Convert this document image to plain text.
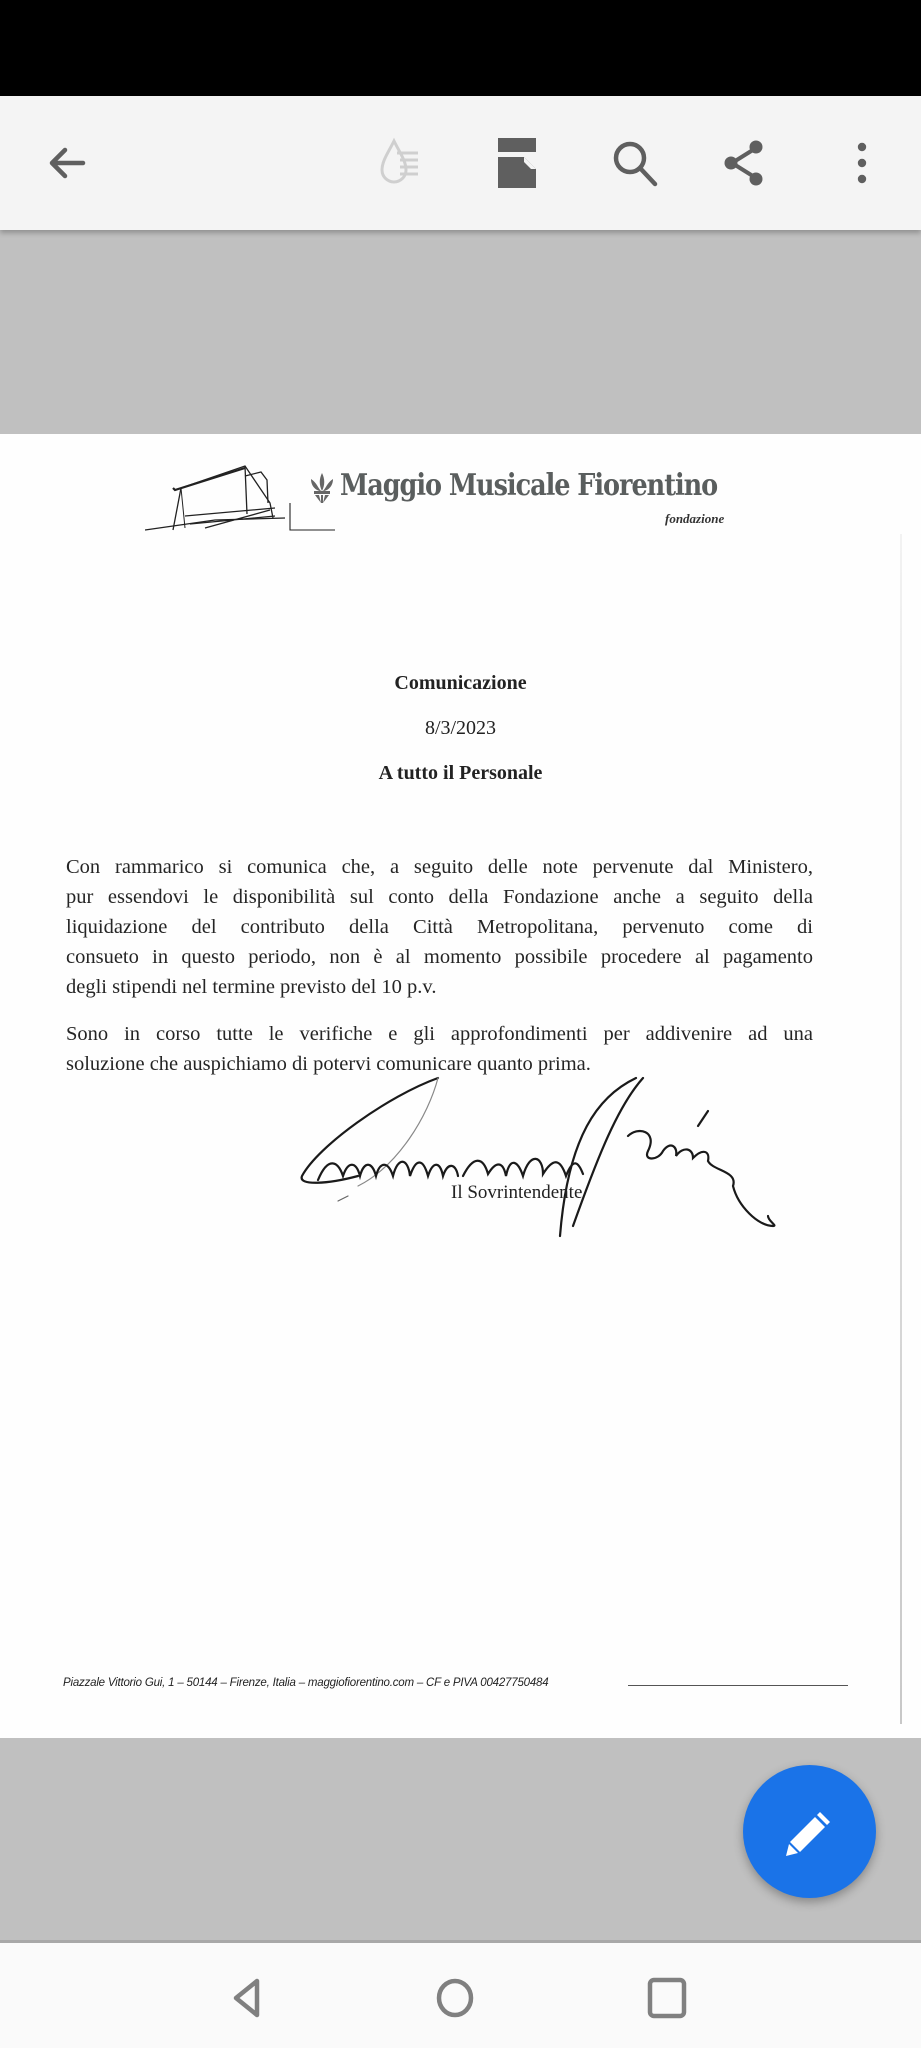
Maggio Musicale Fiorentino
fondazione
Comunicazione
8/3/2023
A tutto il Personale
Con rammarico si comunica che, a seguito delle note pervenute dal Ministero,
pur essendovi le disponibilità sul conto della Fondazione anche a seguito della
liquidazione del contributo della Città Metropolitana, pervenuto come di
consueto in questo periodo, non è al momento possibile procedere al pagamento
degli stipendi nel termine previsto del 10 p.v.
Sono in corso tutte le verifiche e gli approfondimenti per addivenire ad una
soluzione che auspichiamo di potervi comunicare quanto prima.
Il Sovrintendente
Piazzale Vittorio Gui, 1 – 50144 – Firenze, Italia – maggiofiorentino.com – CF e PIVA 00427750484
